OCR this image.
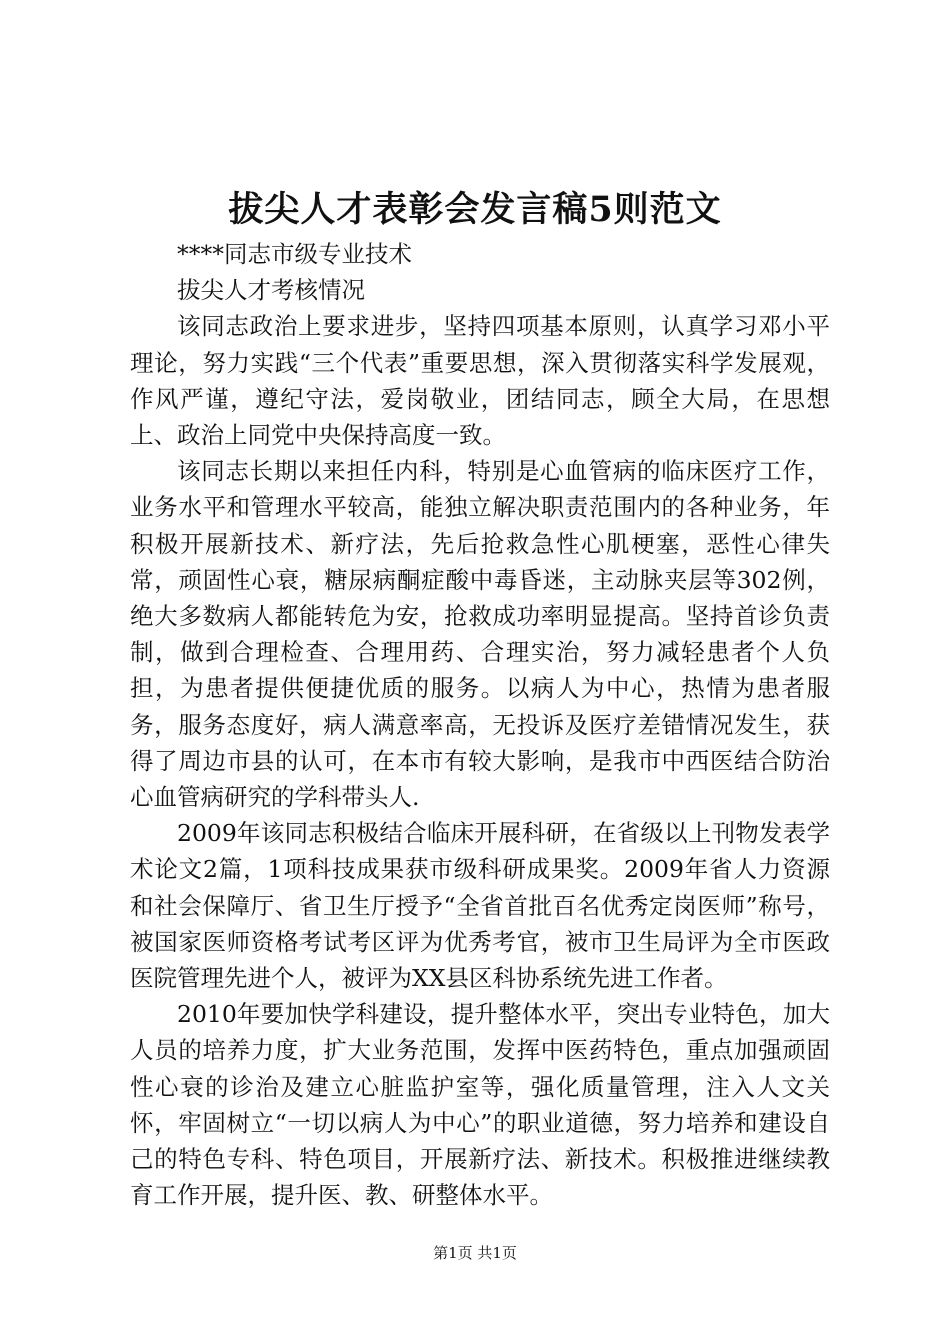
拔尖人才表彰会发言稿5则范文

****同志市级专业技术

拔尖人才考核情况

该同志政治上要求进步，坚持四项基本原则，认真学习邓小平理论，努力实践“三个代表”重要思想，深入贯彻落实科学发展观，作风严谨，遵纪守法，爱岗敬业，团结同志，顾全大局，在思想上、政治上同党中央保持高度一致。

该同志长期以来担任内科，特别是心血管病的临床医疗工作，业务水平和管理水平较高，能独立解决职责范围内的各种业务，年积极开展新技术、新疗法，先后抢救急性心肌梗塞，恶性心律失常，顽固性心衰，糖尿病酮症酸中毒昏迷，主动脉夹层等302例，绝大多数病人都能转危为安，抢救成功率明显提高。坚持首诊负责制，做到合理检查、合理用药、合理实治，努力减轻患者个人负担，为患者提供便捷优质的服务。以病人为中心，热情为患者服务，服务态度好，病人满意率高，无投诉及医疗差错情况发生，获得了周边市县的认可，在本市有较大影响，是我市中西医结合防治心血管病研究的学科带头人.

2009年该同志积极结合临床开展科研，在省级以上刊物发表学术论文2篇，1项科技成果获市级科研成果奖。2009年省人力资源和社会保障厅、省卫生厅授予“全省首批百名优秀定岗医师”称号，被国家医师资格考试考区评为优秀考官，被市卫生局评为全市医政医院管理先进个人，被评为XX县区科协系统先进工作者。

2010年要加快学科建设，提升整体水平，突出专业特色，加大人员的培养力度，扩大业务范围，发挥中医药特色，重点加强顽固性心衰的诊治及建立心脏监护室等，强化质量管理，注入人文关怀，牢固树立“一切以病人为中心”的职业道德，努力培养和建设自己的特色专科、特色项目，开展新疗法、新技术。积极推进继续教育工作开展，提升医、教、研整体水平。

第1页 共1页
